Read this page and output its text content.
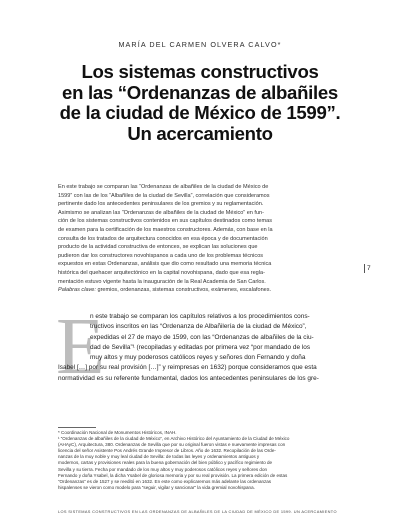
MARÍA DEL CARMEN OLVERA CALVO*
Los sistemas constructivos
en las “Ordenanzas de albañiles
de la ciudad de México de 1599”.
Un acercamiento
En este trabajo se comparan las “Ordenanzas de albañiles de la ciudad de México de
1599” con las de los “Albañiles de la ciudad de Sevilla”, correlación que consideramos
pertinente dado los antecedentes peninsulares de los gremios y su reglamentación.
Asimismo se analizan las “Ordenanzas de albañiles de la ciudad de México” en fun-
ción de los sistemas constructivos contenidos en sus capítulos destinados como temas
de examen para la certificación de los maestros constructores. Además, con base en la
consulta de los tratados de arquitectura conocidos en esa época y de documentación
producto de la actividad constructiva de entonces, se explican las soluciones que
pudieron dar los constructores novohispanos a cada uno de los problemas técnicos
expuestos en estas Ordenanzas, análisis que dio como resultado una memoria técnica
histórica del quehacer arquitectónico en la capital novohispana, dado que esa regla-
mentación estuvo vigente hasta la inauguración de la Real Academia de San Carlos.
Palabras clave: gremios, ordenanzas, sistemas constructivos, exámenes, escalafones.
7
E
n este trabajo se comparan los capítulos relativos a los procedimientos cons-
tructivos inscritos en las “Ordenanza de Albañilería de la ciudad de México”,
expedidas el 27 de mayo de 1599, con las “Ordenanzas de albañiles de la ciu-
dad de Sevilla”¹ (recopiladas y editadas por primera vez “por mandado de los
muy altos y muy poderosos católicos reyes y señores don Fernando y doña
Isabel […] por su real provisión […]” y reimpresas en 1632) porque consideramos que esta
normatividad es su referente fundamental, dados los antecedentes peninsulares de los gre-
* Coordinación Nacional de Monumentos Históricos, INAH.
¹ “Ordenanzas de albañiles de la ciudad de México”, en Archivo Histórico del Ayuntamiento de la Ciudad de México
(AHAyC), Arquitectura, 380. Ordenanzas de Sevilla que por su original fueron vistas e nuevamente impresas con
licencia del señor Asistente Pos Andrés Grande Impresor de Libros. Año de 1632. Recopilación de las Orde-
nanzas de la muy noble y muy leal ciudad de Sevilla: de todas las leyes y ordenamientos antiguos y
modernos, cartas y provisiones reales para la buena gobernación del bien público y pacífico regimiento de
Sevilla y su tierra. Fecha por mandado de los muy altos y muy poderosos católicos reyes y señores don
Fernando y doña Ysabel, la dicha Ysabel de gloriosa memoria y por su real provisión. La primera edición de estas
“Ordenanzas” es de 1527 y se reeditó en 1632. En este como explicaremos más adelante las ordenanzas
hispalenses se vieron como modelo para “seguir, vigilar y sancionar” la vida gremial novohispana.
LOS SISTEMAS CONSTRUCTIVOS EN LAS ORDENANZAS DE ALBAÑILES DE LA CIUDAD DE MÉXICO DE 1599. UN ACERCAMIENTO
